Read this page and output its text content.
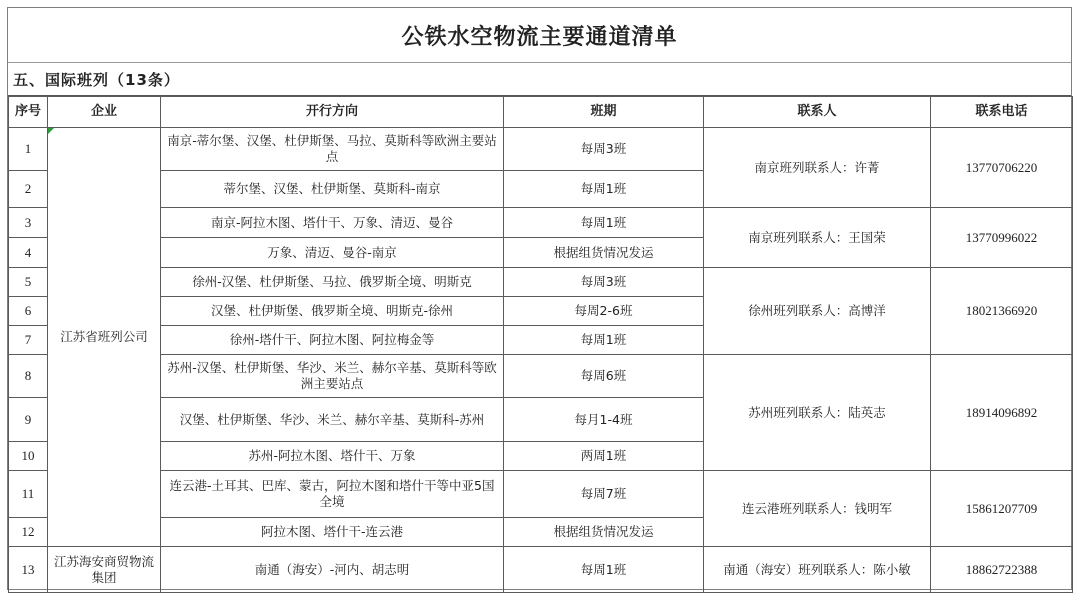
公铁水空物流主要通道清单
五、国际班列（13条）
序号	企业	开行方向	班期	联系人	联系电话
1	江苏省班列公司	南京-蒂尔堡、汉堡、杜伊斯堡、马拉、莫斯科等欧洲主要站点	每周3班	南京班列联系人：许菁	13770706220
2		蒂尔堡、汉堡、杜伊斯堡、莫斯科-南京	每周1班		
3		南京-阿拉木图、塔什干、万象、清迈、曼谷	每周1班	南京班列联系人：王国荣	13770996022
4		万象、清迈、曼谷-南京	根据组货情况发运		
5		徐州-汉堡、杜伊斯堡、马拉、俄罗斯全境、明斯克	每周3班	徐州班列联系人：高博洋	18021366920
6		汉堡、杜伊斯堡、俄罗斯全境、明斯克-徐州	每周2-6班		
7		徐州-塔什干、阿拉木图、阿拉梅金等	每周1班		
8		苏州-汉堡、杜伊斯堡、华沙、米兰、赫尔辛基、莫斯科等欧洲主要站点	每周6班	苏州班列联系人：陆英志	18914096892
9		汉堡、杜伊斯堡、华沙、米兰、赫尔辛基、莫斯科-苏州	每月1-4班		
10		苏州-阿拉木图、塔什干、万象	两周1班		
11		连云港-土耳其、巴库、蒙古，阿拉木图和塔什干等中亚5国全境	每周7班	连云港班列联系人：钱明军	15861207709
12		阿拉木图、塔什干-连云港	根据组货情况发运		
13	江苏海安商贸物流集团	南通（海安）-河内、胡志明	每周1班	南通（海安）班列联系人：陈小敏	18862722388
